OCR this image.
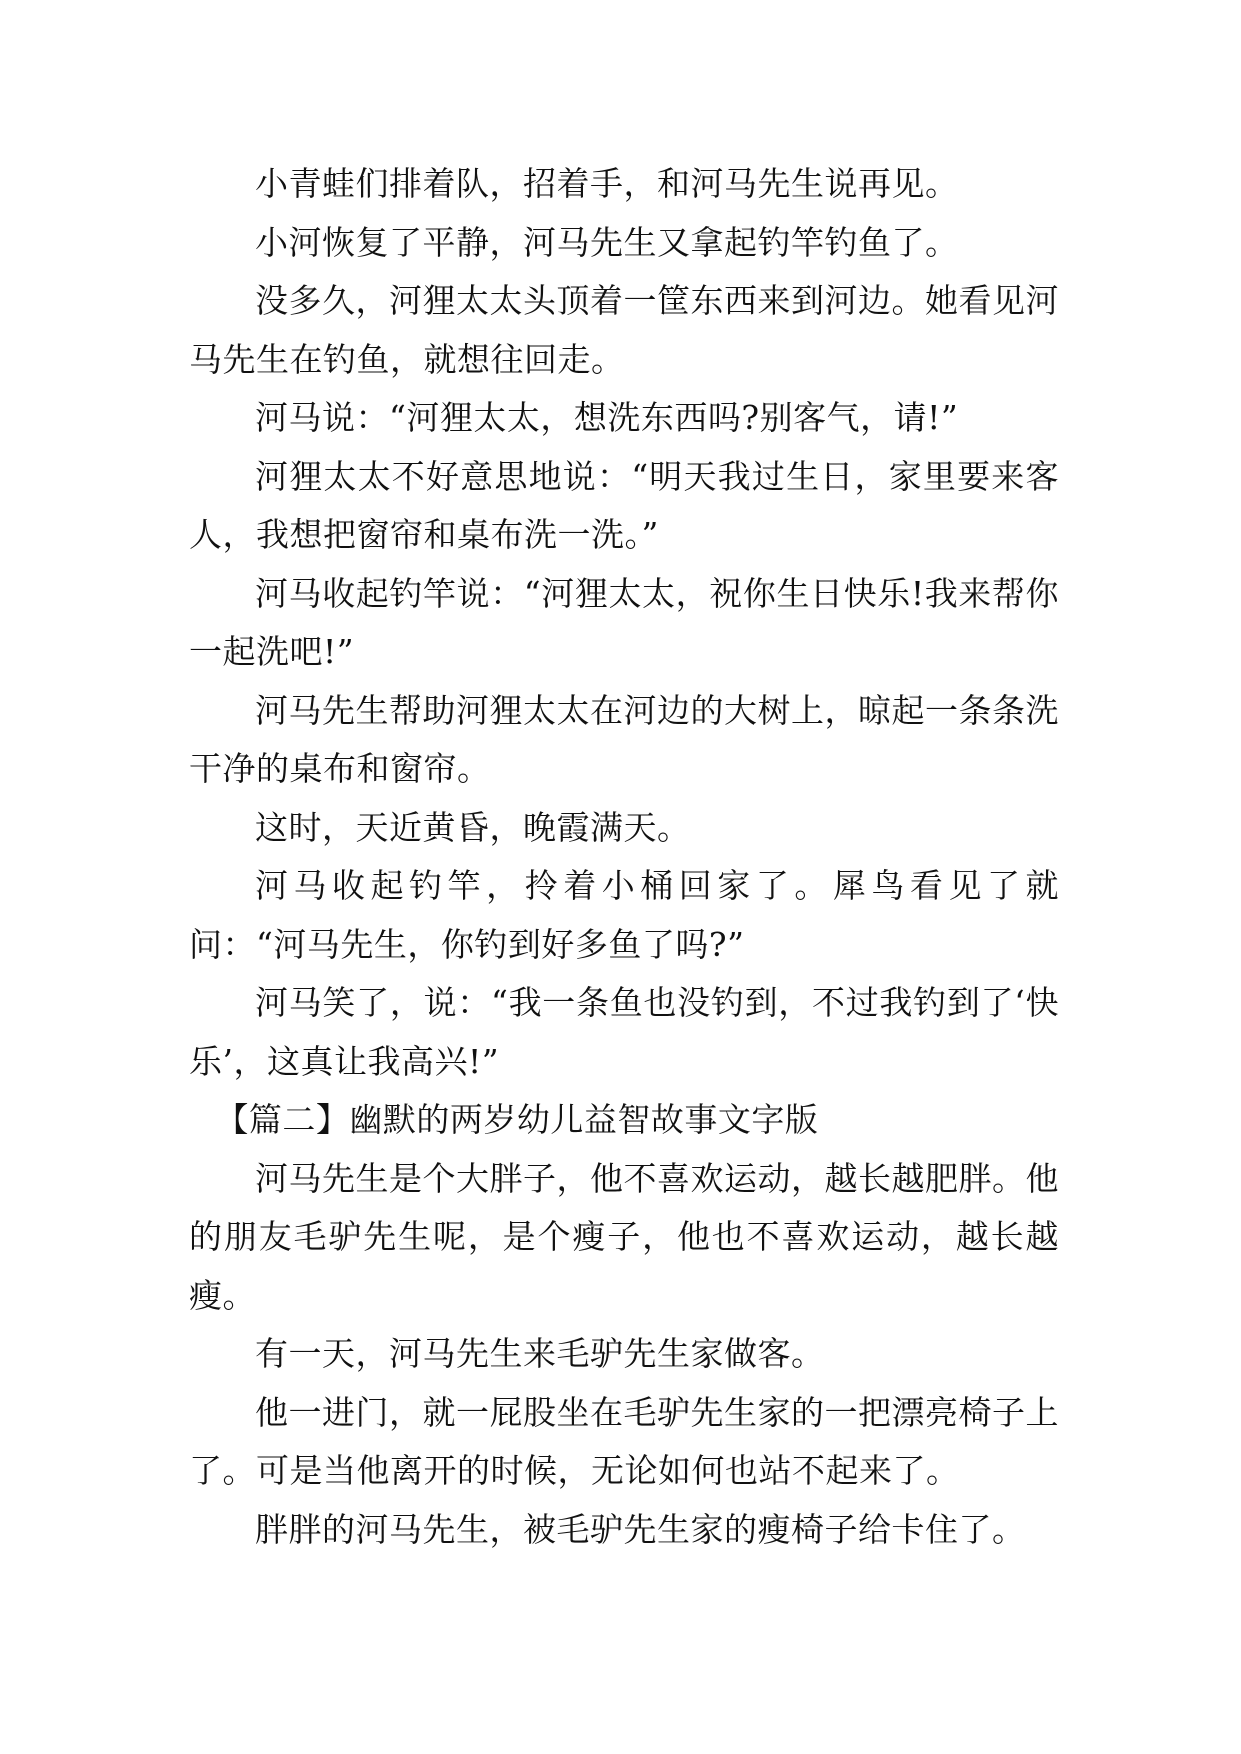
小青蛙们排着队，招着手，和河马先生说再见。

小河恢复了平静，河马先生又拿起钓竿钓鱼了。

没多久，河狸太太头顶着一筐东西来到河边。她看见河马先生在钓鱼，就想往回走。

河马说：“河狸太太，想洗东西吗?别客气，请!”

河狸太太不好意思地说：“明天我过生日，家里要来客人，我想把窗帘和桌布洗一洗。”

河马收起钓竿说：“河狸太太，祝你生日快乐!我来帮你一起洗吧!”

河马先生帮助河狸太太在河边的大树上，晾起一条条洗干净的桌布和窗帘。

这时，天近黄昏，晚霞满天。

河马收起钓竿，拎着小桶回家了。犀鸟看见了就问：“河马先生，你钓到好多鱼了吗?”

河马笑了，说：“我一条鱼也没钓到，不过我钓到了‘快乐’，这真让我高兴!”

【篇二】幽默的两岁幼儿益智故事文字版

河马先生是个大胖子，他不喜欢运动，越长越肥胖。他的朋友毛驴先生呢，是个瘦子，他也不喜欢运动，越长越瘦。

有一天，河马先生来毛驴先生家做客。

他一进门，就一屁股坐在毛驴先生家的一把漂亮椅子上了。可是当他离开的时候，无论如何也站不起来了。

胖胖的河马先生，被毛驴先生家的瘦椅子给卡住了。
